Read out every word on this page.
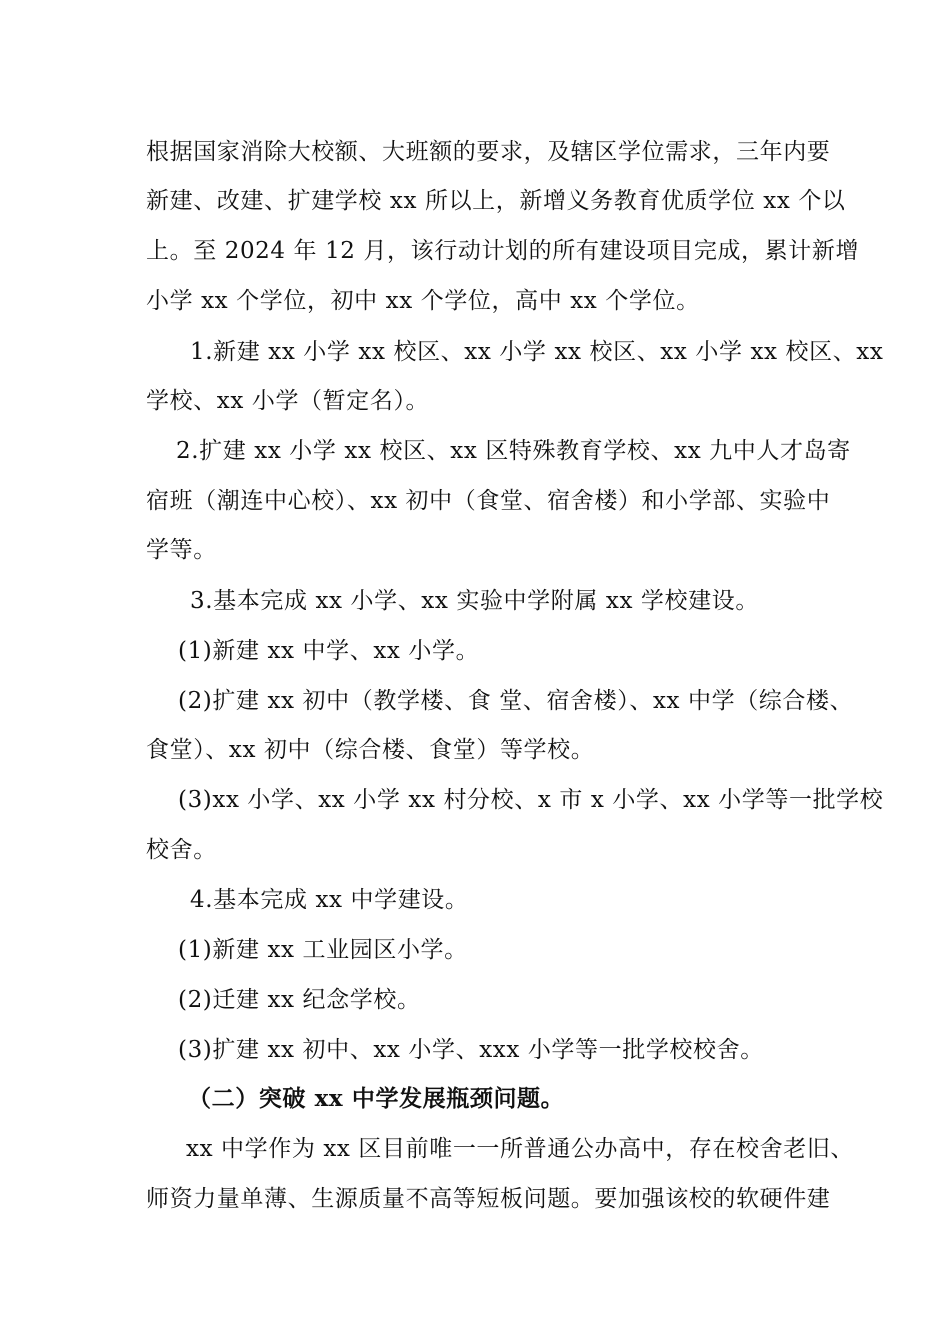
根据国家消除大校额、大班额的要求，及辖区学位需求，三年内要
新建、改建、扩建学校 xx 所以上，新增义务教育优质学位 xx 个以
上。至 2024 年 12 月，该行动计划的所有建设项目完成，累计新增
小学 xx 个学位，初中 xx 个学位，高中 xx 个学位。
1.新建 xx 小学 xx 校区、xx 小学 xx 校区、xx 小学 xx 校区、xx
学校、xx 小学（暂定名）。
2.扩建 xx 小学 xx 校区、xx 区特殊教育学校、xx 九中人才岛寄
宿班（潮连中心校）、xx 初中（食堂、宿舍楼）和小学部、实验中
学等。
3.基本完成 xx 小学、xx 实验中学附属 xx 学校建设。
(1)新建 xx 中学、xx 小学。
(2)扩建 xx 初中（教学楼、食 堂、宿舍楼）、xx 中学（综合楼、
食堂）、xx 初中（综合楼、食堂）等学校。
(3)xx 小学、xx 小学 xx 村分校、x 市 x 小学、xx 小学等一批学校
校舍。
4.基本完成 xx 中学建设。
(1)新建 xx 工业园区小学。
(2)迁建 xx 纪念学校。
(3)扩建 xx 初中、xx 小学、xxx 小学等一批学校校舍。
（二）突破 xx 中学发展瓶颈问题。
xx 中学作为 xx 区目前唯一一所普通公办高中，存在校舍老旧、
师资力量单薄、生源质量不高等短板问题。要加强该校的软硬件建
